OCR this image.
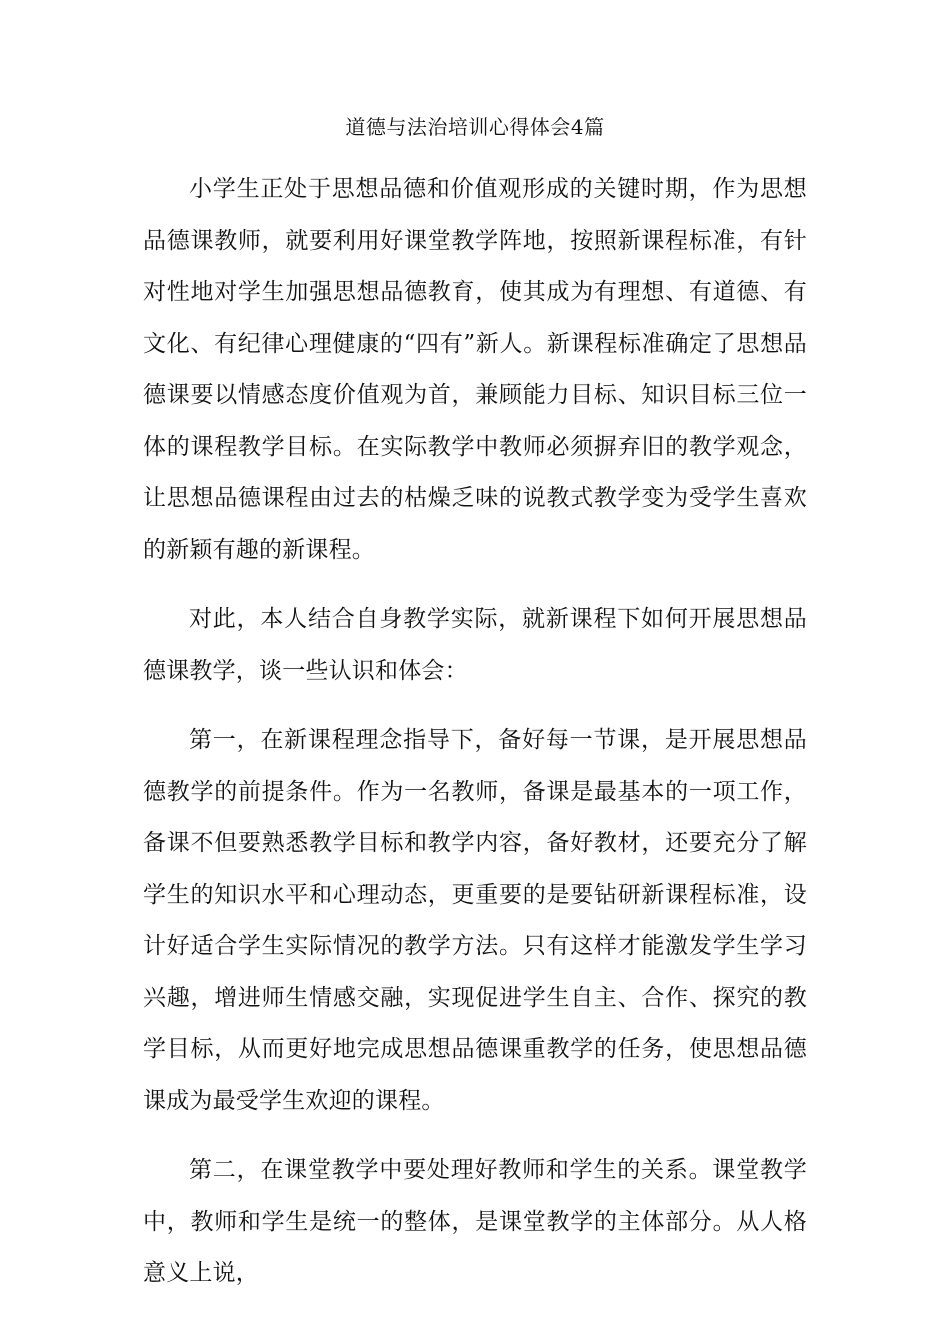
道德与法治培训心得体会4篇

小学生正处于思想品德和价值观形成的关键时期，作为思想品德课教师，就要利用好课堂教学阵地，按照新课程标准，有针对性地对学生加强思想品德教育，使其成为有理想、有道德、有文化、有纪律心理健康的“四有”新人。新课程标准确定了思想品德课要以情感态度价值观为首，兼顾能力目标、知识目标三位一体的课程教学目标。在实际教学中教师必须摒弃旧的教学观念，让思想品德课程由过去的枯燥乏味的说教式教学变为受学生喜欢的新颖有趣的新课程。

对此，本人结合自身教学实际，就新课程下如何开展思想品德课教学，谈一些认识和体会：

第一，在新课程理念指导下，备好每一节课，是开展思想品德教学的前提条件。作为一名教师，备课是最基本的一项工作，备课不但要熟悉教学目标和教学内容，备好教材，还要充分了解学生的知识水平和心理动态，更重要的是要钻研新课程标准，设计好适合学生实际情况的教学方法。只有这样才能激发学生学习兴趣，增进师生情感交融，实现促进学生自主、合作、探究的教学目标，从而更好地完成思想品德课重教学的任务，使思想品德课成为最受学生欢迎的课程。

第二，在课堂教学中要处理好教师和学生的关系。课堂教学中，教师和学生是统一的整体，是课堂教学的主体部分。从人格意义上说，
